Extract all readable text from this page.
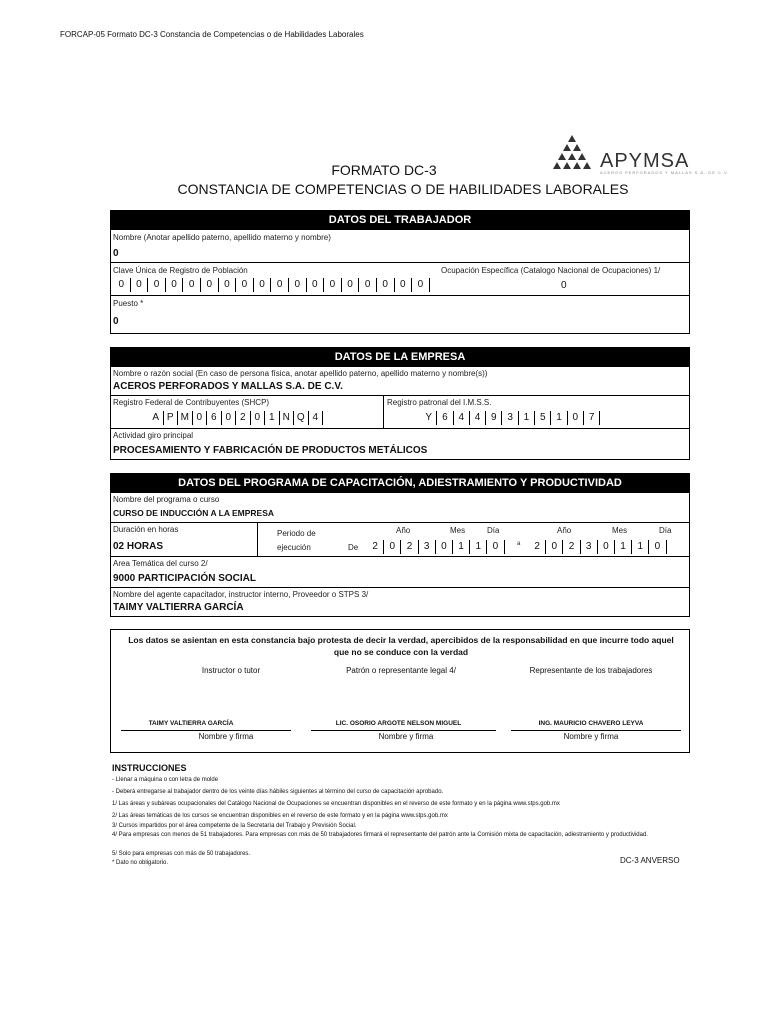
FORCAP-05 Formato DC-3 Constancia de Competencias o de Habilidades Laborales
FORMATO DC-3
CONSTANCIA DE COMPETENCIAS O DE HABILIDADES LABORALES
APYMSA
ACEROS PERFORADOS Y MALLAS S.A. DE C.V.
DATOS DEL TRABAJADOR
Nombre (Anotar apellido paterno, apellido materno y nombre)
0
Clave Única de Registro de Población
0	0	0	0	0	0	0	0	0	0	0	0	0	0	0	0	0	0
Ocupación Específica (Catalogo Nacional de Ocupaciones) 1/
0
Puesto *
0
DATOS DE LA EMPRESA
Nombre o razón social (En caso de persona física, anotar apellido paterno, apellido materno y nombre(s))
ACEROS PERFORADOS Y MALLAS S.A. DE C.V.
Registro Federal de Contribuyentes (SHCP)
A P M 0 6 0 2 0 1 N Q 4
Registro patronal del I.M.S.S.
Y	6	4	4	9	3	1	5	1	0	7
Actividad giro principal
PROCESAMIENTO Y FABRICACIÓN DE PRODUCTOS METÁLICOS
DATOS DEL PROGRAMA DE CAPACITACIÓN, ADIESTRAMIENTO Y PRODUCTIVIDAD
Nombre del programa o curso
CURSO DE INDUCCIÓN A LA EMPRESA
Duración en horas
02 HORAS
Periodo de ejecución	De
Año	Mes	Día
2	0	2	3	0	1	1	0	a
Año	Mes	Día
2	0	2	3	0	1	1	0
Area Temática del curso 2/
9000 PARTICIPACIÓN SOCIAL
Nombre del agente capacitador, instructor interno, Proveedor o STPS 3/
TAIMY VALTIERRA GARCÍA
Los datos se asientan en esta constancia bajo protesta de decir la verdad, apercibidos de la responsabilidad en que incurre todo aquel que no se conduce con la verdad
Instructor o tutor	Patrón o representante legal 4/	Representante de los trabajadores
TAIMY VALTIERRA GARCÍA	LIC. OSORIO ARGOTE NELSON MIGUEL	ING. MAURICIO CHAVERO LEYVA
Nombre y firma	Nombre y firma	Nombre y firma
INSTRUCCIONES
- Llenar a máquina o con letra de molde
- Deberá entregarse al trabajador dentro de los veinte días hábiles siguientes al término del curso de capacitación aprobado.
1/ Las áreas y subáreas ocupacionales del Catálogo Nacional de Ocupaciones se encuentran disponibles en el reverso de este formato y en la página www.stps.gob.mx
2/ Las áreas temáticas de los cursos se encuentran disponibles en el reverso de este formato y en la página www.stps.gob.mx
3/ Cursos impartidos por el área competente de la Secretaría del Trabajo y Previsión Social.
4/ Para empresas con menos de 51 trabajadores. Para empresas con más de 50 trabajadores firmará el representante del patrón ante la Comisión mixta de capacitación, adiestramiento y productividad.
5/ Solo para empresas con más de 50 trabajadores.
* Dato no obligatorio.	DC-3 ANVERSO
